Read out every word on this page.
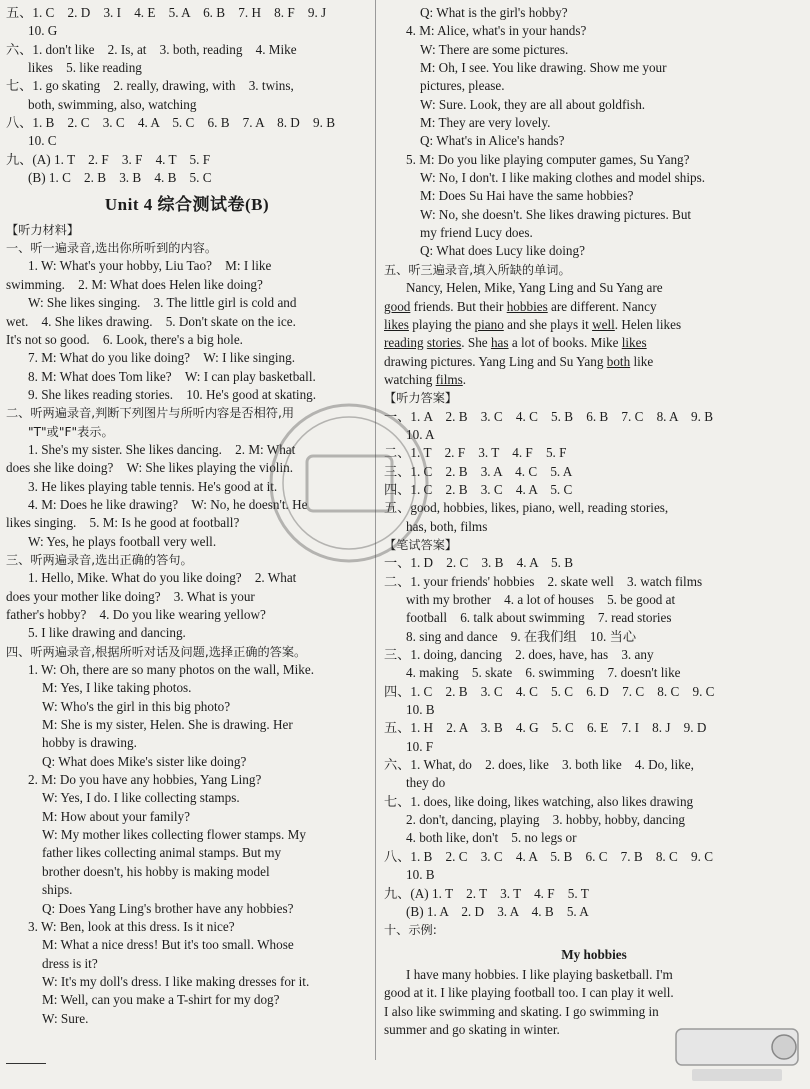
五、1. C　2. D　3. I　4. E　5. A　6. B　7. H　8. F　9. J
10. G
六、1. don't like　2. Is, at　3. both, reading　4. Mike
likes　5. like reading
七、1. go skating　2. really, drawing, with　3. twins,
both, swimming, also, watching
八、1. B　2. C　3. C　4. A　5. C　6. B　7. A　8. D　9. B
10. C
九、(A) 1. T　2. F　3. F　4. T　5. F
(B) 1. C　2. B　3. B　4. B　5. C
Unit 4 综合测试卷(B)
【听力材料】
一、听一遍录音,选出你所听到的内容。
1. W: What's your hobby, Liu Tao?　M: I like
swimming.　2. M: What does Helen like doing?
W: She likes singing.　3. The little girl is cold and
wet.　4. She likes drawing.　5. Don't skate on the ice.
It's not so good.　6. Look, there's a big hole.
7. M: What do you like doing?　W: I like singing.
8. M: What does Tom like?　W: I can play basketball.
9. She likes reading stories.　10. He's good at skating.
二、听两遍录音,判断下列图片与所听内容是否相符,用
"T"或"F"表示。
1. She's my sister. She likes dancing.　2. M: What
does she like doing?　W: She likes playing the violin.
3. He likes playing table tennis. He's good at it.
4. M: Does he like drawing?　W: No, he doesn't. He
likes singing.　5. M: Is he good at football?
W: Yes, he plays football very well.
三、听两遍录音,选出正确的答句。
1. Hello, Mike. What do you like doing?　2. What
does your mother like doing?　3. What is your
father's hobby?　4. Do you like wearing yellow?
5. I like drawing and dancing.
四、听两遍录音,根据所听对话及问题,选择正确的答案。
1. W: Oh, there are so many photos on the wall, Mike.
M: Yes, I like taking photos.
W: Who's the girl in this big photo?
M: She is my sister, Helen. She is drawing. Her
hobby is drawing.
Q: What does Mike's sister like doing?
2. M: Do you have any hobbies, Yang Ling?
W: Yes, I do. I like collecting stamps.
M: How about your family?
W: My mother likes collecting flower stamps. My
father likes collecting animal stamps. But my
brother doesn't, his hobby is making model
ships.
Q: Does Yang Ling's brother have any hobbies?
3. W: Ben, look at this dress. Is it nice?
M: What a nice dress! But it's too small. Whose
dress is it?
W: It's my doll's dress. I like making dresses for it.
M: Well, can you make a T-shirt for my dog?
W: Sure.
Q: What is the girl's hobby?
4. M: Alice, what's in your hands?
W: There are some pictures.
M: Oh, I see. You like drawing. Show me your
pictures, please.
W: Sure. Look, they are all about goldfish.
M: They are very lovely.
Q: What's in Alice's hands?
5. M: Do you like playing computer games, Su Yang?
W: No, I don't. I like making clothes and model ships.
M: Does Su Hai have the same hobbies?
W: No, she doesn't. She likes drawing pictures. But
my friend Lucy does.
Q: What does Lucy like doing?
五、听三遍录音,填入所缺的单词。
Nancy, Helen, Mike, Yang Ling and Su Yang are
good friends. But their hobbies are different. Nancy
likes playing the piano and she plays it well. Helen likes
reading stories. She has a lot of books. Mike likes
drawing pictures. Yang Ling and Su Yang both like
watching films.
【听力答案】
一、1. A　2. B　3. C　4. C　5. B　6. B　7. C　8. A　9. B
10. A
二、1. T　2. F　3. T　4. F　5. F
三、1. C　2. B　3. A　4. C　5. A
四、1. C　2. B　3. C　4. A　5. C
五、good, hobbies, likes, piano, well, reading stories,
has, both, films
【笔试答案】
一、1. D　2. C　3. B　4. A　5. B
二、1. your friends' hobbies　2. skate well　3. watch films
with my brother　4. a lot of houses　5. be good at
football　6. talk about swimming　7. read stories
8. sing and dance　9. 在我们组　10. 当心
三、1. doing, dancing　2. does, have, has　3. any
4. making　5. skate　6. swimming　7. doesn't like
四、1. C　2. B　3. C　4. C　5. C　6. D　7. C　8. C　9. C
10. B
五、1. H　2. A　3. B　4. G　5. C　6. E　7. I　8. J　9. D
10. F
六、1. What, do　2. does, like　3. both like　4. Do, like,
they do
七、1. does, like doing, likes watching, also likes drawing
2. don't, dancing, playing　3. hobby, hobby, dancing
4. both like, don't　5. no legs or
八、1. B　2. C　3. C　4. A　5. B　6. C　7. B　8. C　9. C
10. B
九、(A) 1. T　2. T　3. T　4. F　5. T
(B) 1. A　2. D　3. A　4. B　5. A
十、示例:
My hobbies
I have many hobbies. I like playing basketball. I'm
good at it. I like playing football too. I can play it well.
I also like swimming and skating. I go swimming in
summer and go skating in winter.
